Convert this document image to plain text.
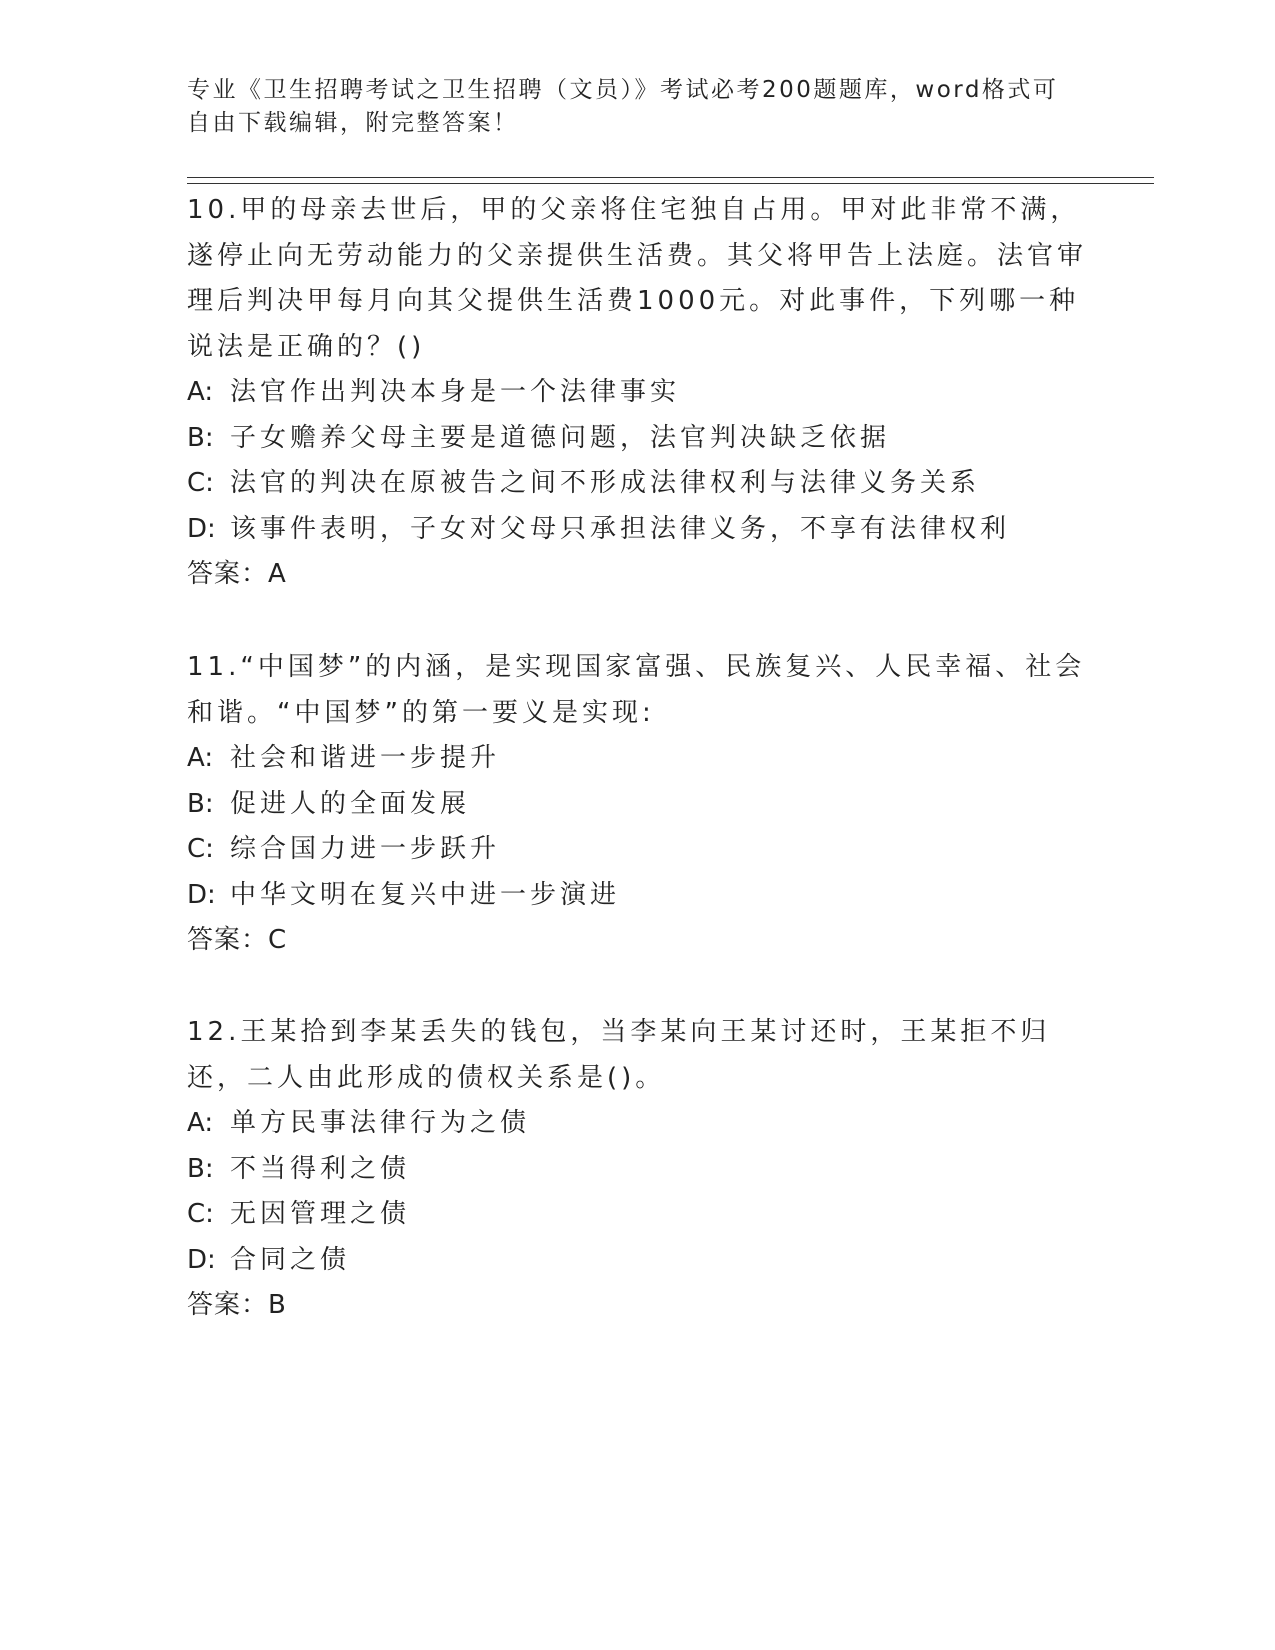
专业《卫生招聘考试之卫生招聘（文员）》考试必考200题题库，word格式可自由下载编辑，附完整答案！

10.甲的母亲去世后，甲的父亲将住宅独自占用。甲对此非常不满，遂停止向无劳动能力的父亲提供生活费。其父将甲告上法庭。法官审理后判决甲每月向其父提供生活费1000元。对此事件，下列哪一种说法是正确的？()

A: 法官作出判决本身是一个法律事实

B: 子女赡养父母主要是道德问题，法官判决缺乏依据

C: 法官的判决在原被告之间不形成法律权利与法律义务关系

D: 该事件表明，子女对父母只承担法律义务，不享有法律权利

答案：A

11.“中国梦”的内涵，是实现国家富强、民族复兴、人民幸福、社会和谐。“中国梦”的第一要义是实现:

A: 社会和谐进一步提升

B: 促进人的全面发展

C: 综合国力进一步跃升

D: 中华文明在复兴中进一步演进

答案：C

12.王某拾到李某丢失的钱包，当李某向王某讨还时，王某拒不归还，二人由此形成的债权关系是()。

A: 单方民事法律行为之债

B: 不当得利之债

C: 无因管理之债

D: 合同之债

答案：B
